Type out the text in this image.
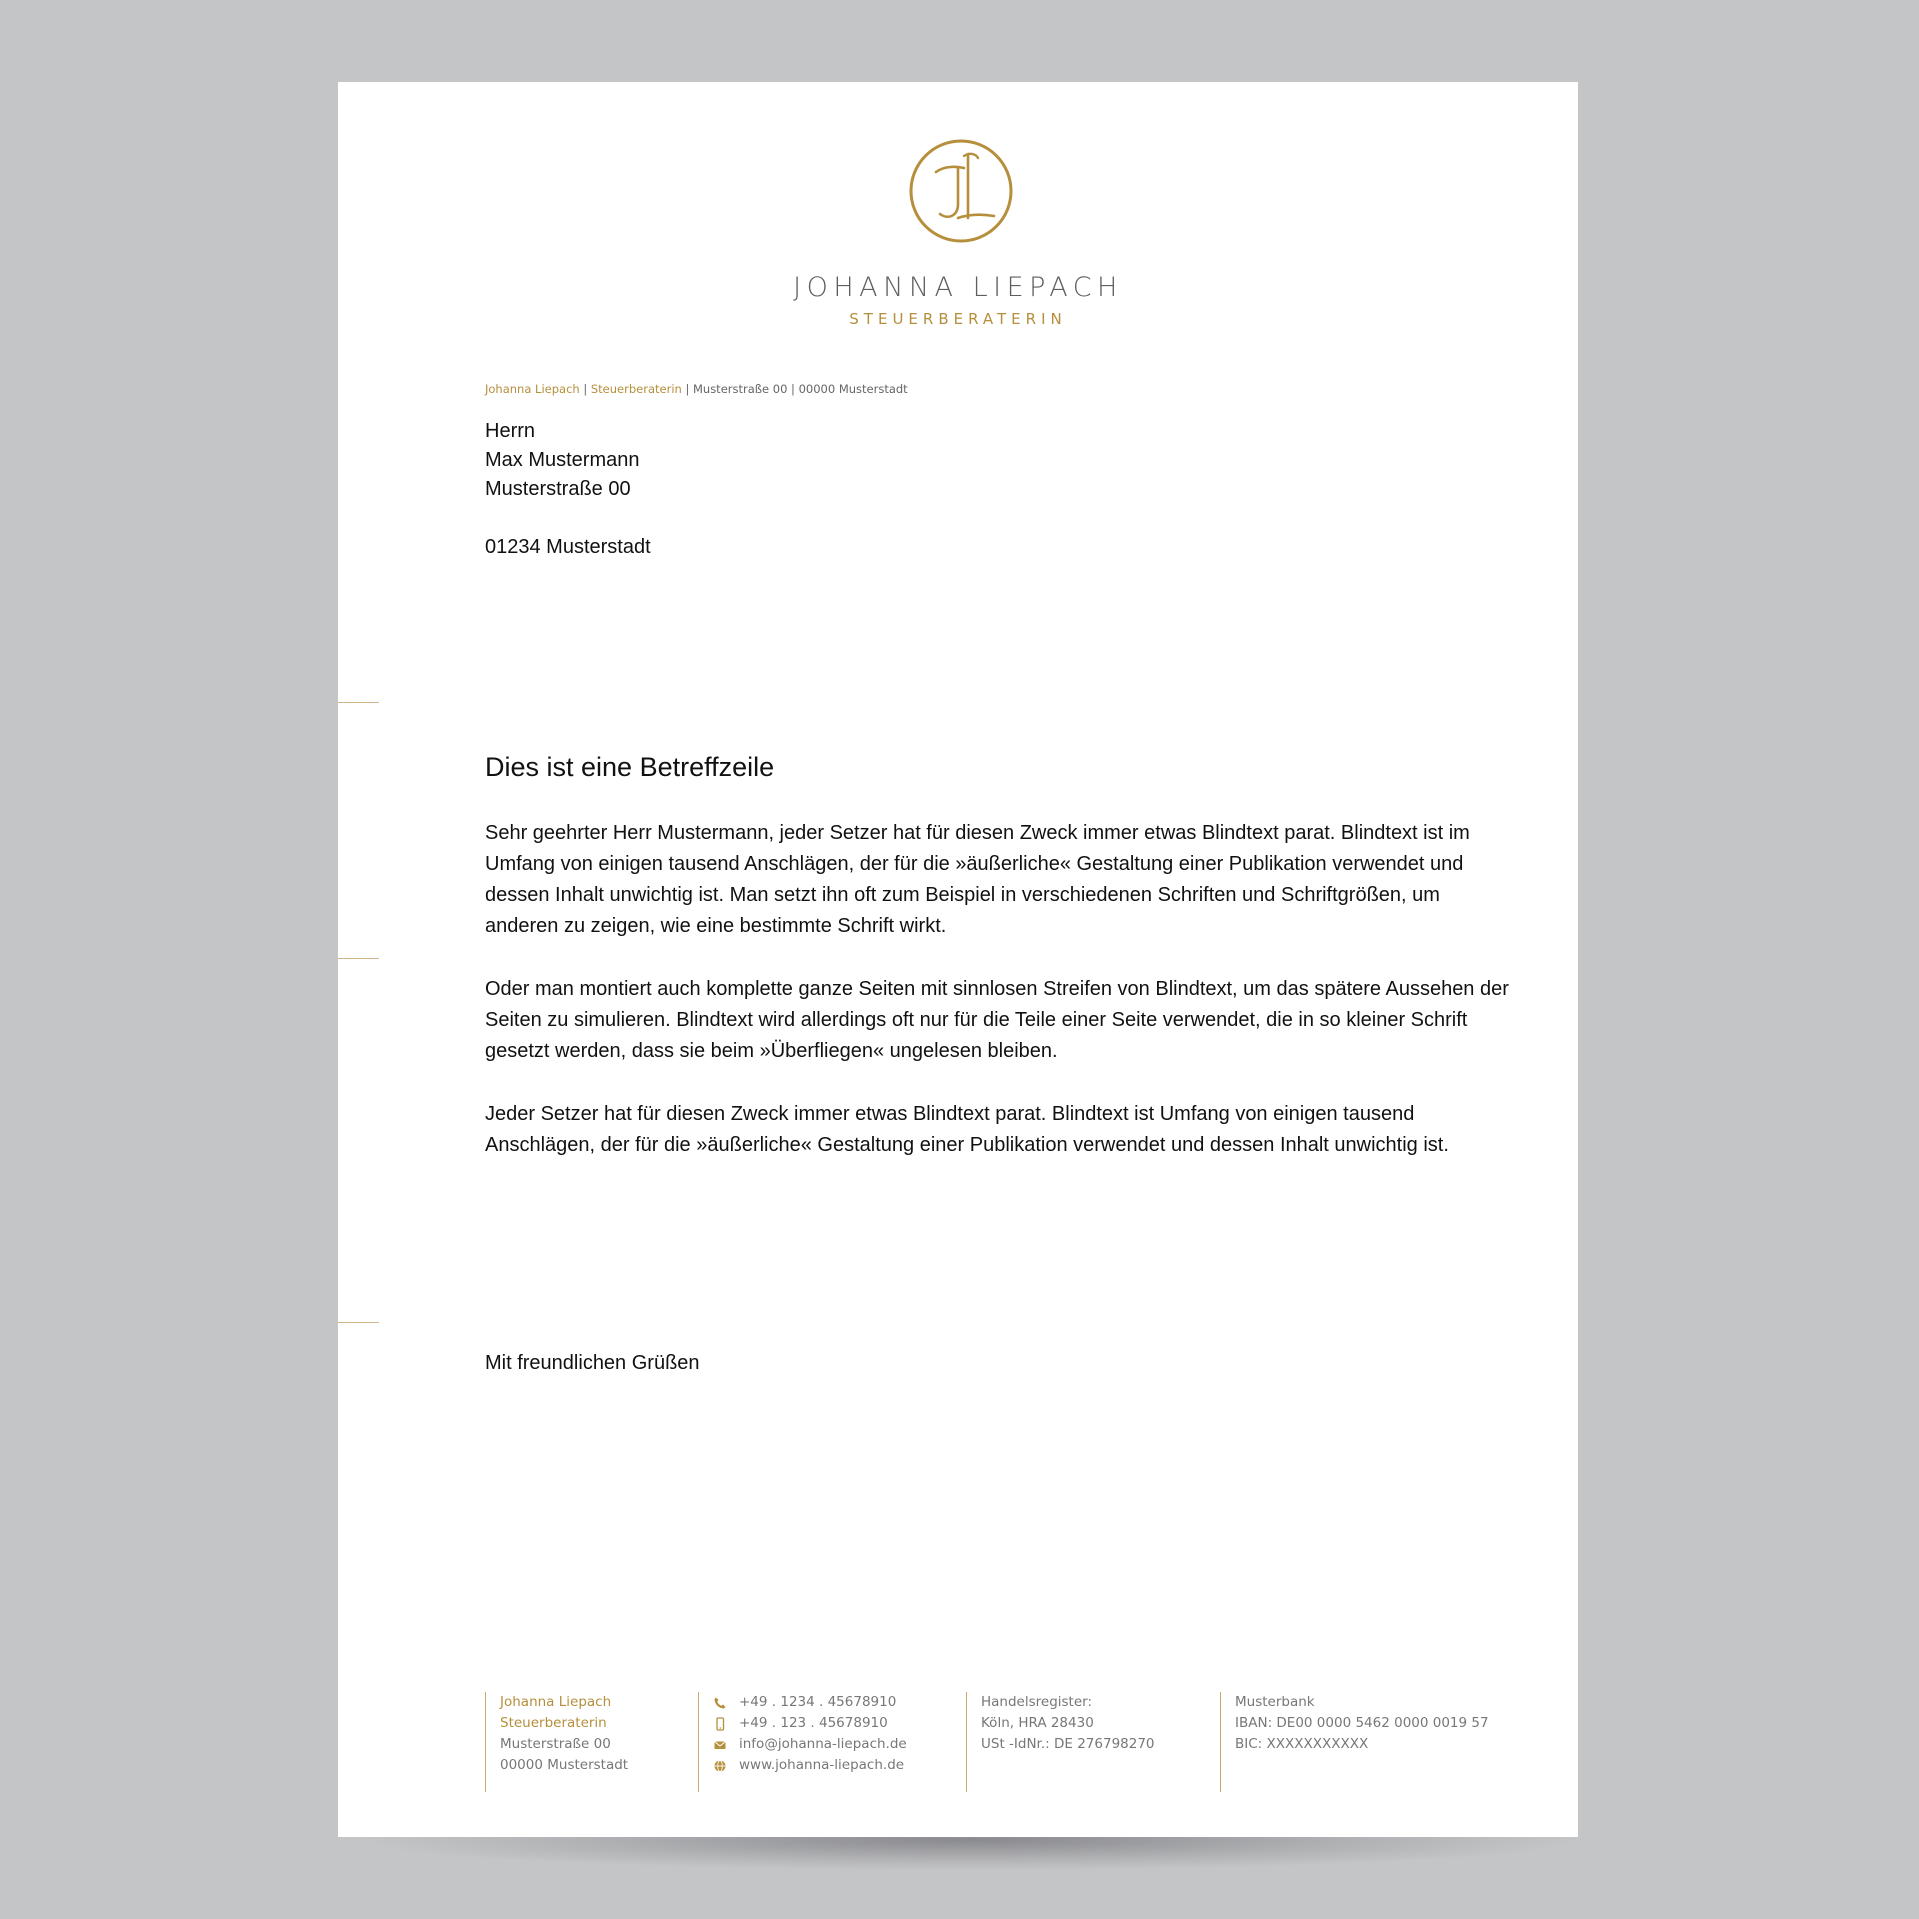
JOHANNA LIEPACH
STEUERBERATERIN
Johanna Liepach | Steuerberaterin | Musterstraße 00 | 00000 Musterstadt
Herrn
Max Mustermann
Musterstraße 00
01234 Musterstadt
Dies ist eine Betreffzeile

Sehr geehrter Herr Mustermann, jeder Setzer hat für diesen Zweck immer etwas Blindtext parat. Blindtext ist im Umfang von einigen tausend Anschlägen, der für die »äußerliche« Gestaltung einer Publikation verwendet und dessen Inhalt unwichtig ist. Man setzt ihn oft zum Beispiel in verschiedenen Schriften und Schriftgrößen, um anderen zu zeigen, wie eine bestimmte Schrift wirkt.

Oder man montiert auch komplette ganze Seiten mit sinnlosen Streifen von Blindtext, um das spätere Aussehen der Seiten zu simulieren. Blindtext wird allerdings oft nur für die Teile einer Seite verwendet, die in so kleiner Schrift gesetzt werden, dass sie beim »Überfliegen« ungelesen bleiben.

Jeder Setzer hat für diesen Zweck immer etwas Blindtext parat. Blindtext ist Umfang von einigen tausend Anschlägen, der für die »äußerliche« Gestaltung einer Publikation verwendet und dessen Inhalt unwichtig ist.

Mit freundlichen Grüßen
Johanna Liepach
Steuerberaterin
Musterstraße 00
00000 Musterstadt
+49 . 1234 . 45678910
+49 . 123 . 45678910
info@johanna-liepach.de
www.johanna-liepach.de
Handelsregister:
Köln, HRA 28430
USt -IdNr.: DE 276798270
Musterbank
IBAN: DE00 0000 5462 0000 0019 57
BIC: XXXXXXXXXXX
